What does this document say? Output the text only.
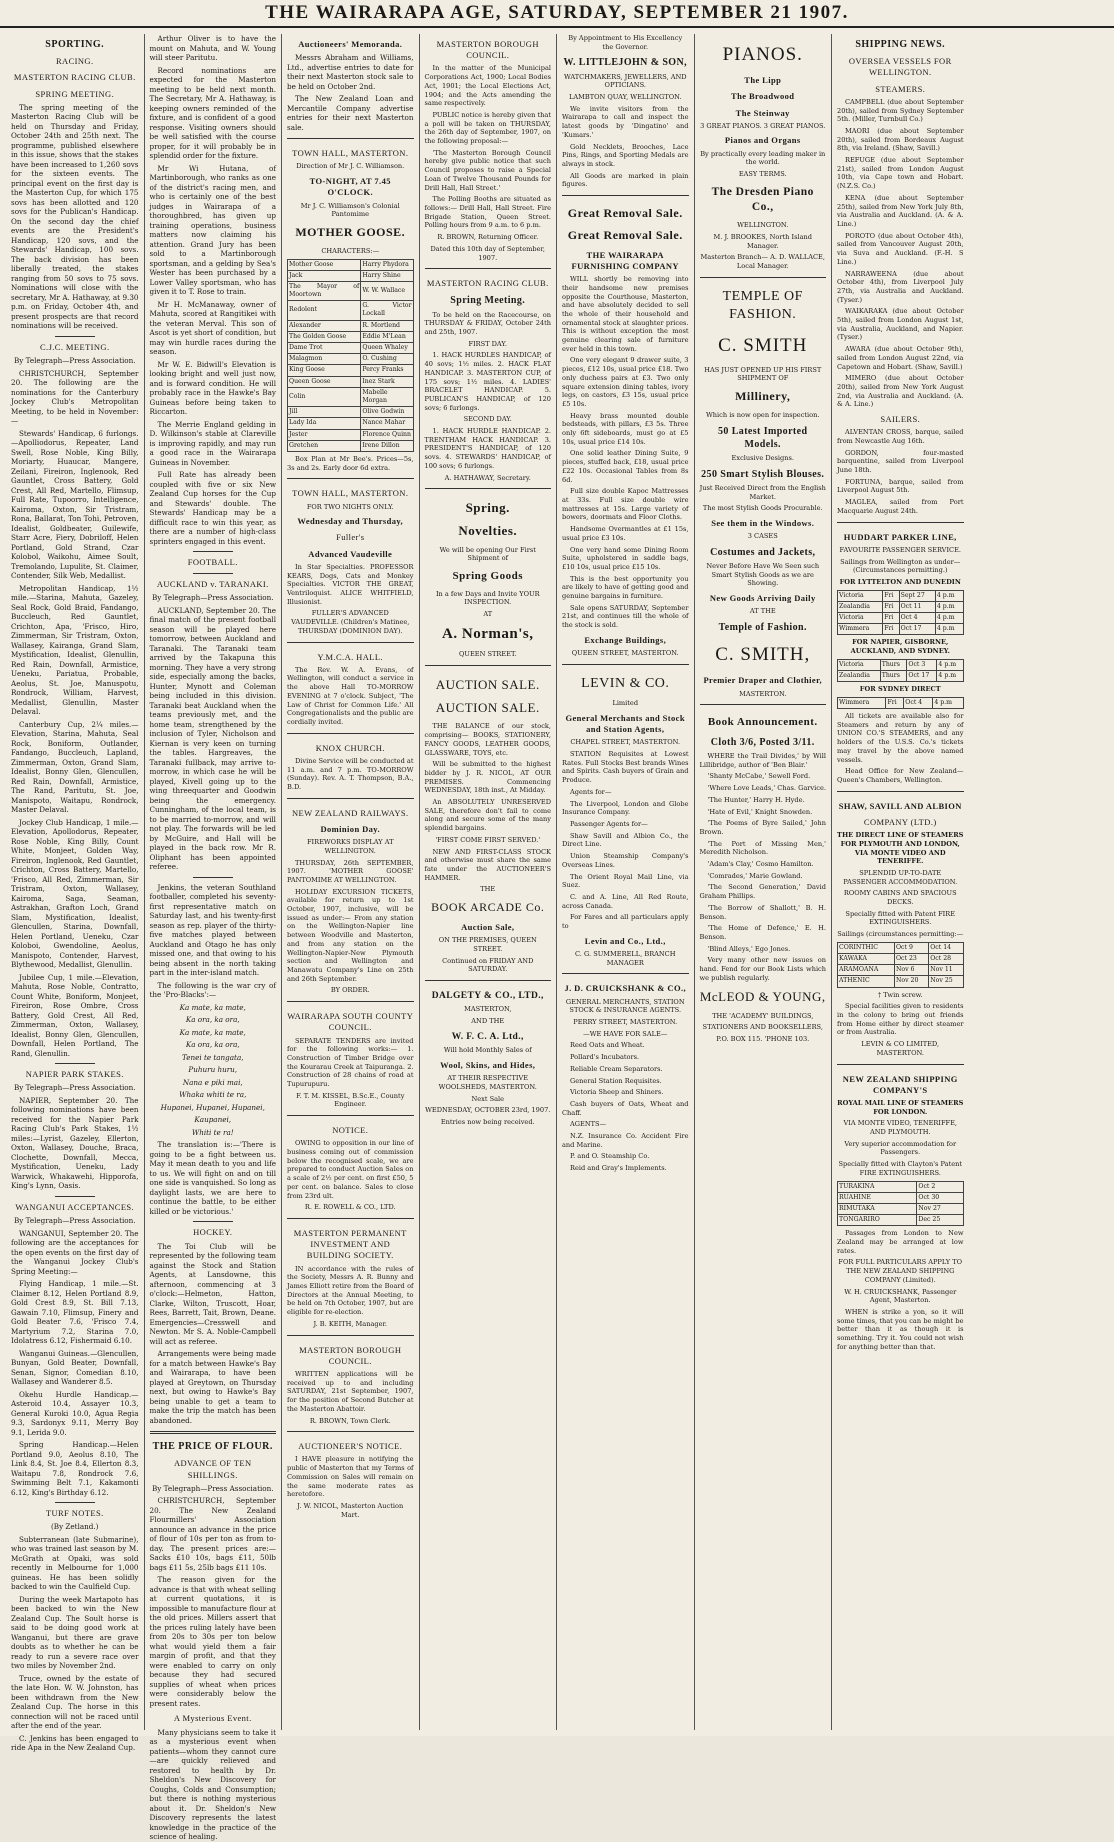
THE WAIRARAPA AGE, SATURDAY, SEPTEMBER 21 1907.
SPORTING.
RACING.
MASTERTON RACING CLUB.
SPRING MEETING.

The spring meeting of the Masterton Racing Club will be held on Thursday and Friday, October 24th and 25th next. The programme, published elsewhere in this issue, shows that the stakes have been increased to 1,260 sovs for the sixteen events. The principal event on the first day is the Masterton Cup, for which 175 sovs has been allotted and 120 sovs for the Publican's Handicap. On the second day the chief events are the President's Handicap, 120 sovs, and the Stewards' Handicap, 100 sovs. The back division has been liberally treated, the stakes ranging from 50 sovs to 75 sovs. Nominations will close with the secretary, Mr A. Hathaway, at 9.30 p.m. on Friday, October 4th, and present prospects are that record nominations will be received.

C.J.C. MEETING.

By Telegraph—Press Association.

CHRISTCHURCH, September 20. The following are the nominations for the Canterbury Jockey Club's Metropolitan Meeting, to be held in November:—

Stewards' Handicap, 6 furlongs.—Apolliodorus, Repeater, Land Swell, Rose Noble, King Billy, Moriarty, Huaucar, Mangere, Zeilani, Fireiron, Inglenook, Red Gauntlet, Cross Battery, Gold Crest, All Red, Martello, Flimsup, Full Rate, Tupoorro, Intelligence, Kairoma, Oxton, Sir Tristram, Rona, Ballarat, Ton Tohi, Petroven, Idealist, Goldbeater, Guilewife, Starr Acre, Fiery, Dobriloff, Helen Portland, Gold Strand, Czar Kolobol, Waikohu, Aimee Soult, Tremolando, Lupulite, St. Claimer, Contender, Silk Web, Medallist.

Metropolitan Handicap, 1½ mile.—Starina, Mahuta, Gazeley, Seal Rock, Gold Braid, Fandango, Buccleuch, Red Gauntlet, Crichton, Apa, 'Frisco, Hiro, Zimmerman, Sir Tristram, Oxton, Wallasey, Kairanga, Grand Slam, Mystification, Idealist, Glenullin, Red Rain, Downfall, Armistice, Ueneku, Pariatua, Probable, Aeolus, St. Joe, Manuspotu, Rondrock, William, Harvest, Medallist, Glenullin, Master Delaval.

Canterbury Cup, 2¼ miles.—Elevation, Starina, Mahuta, Seal Rock, Boniform, Outlander, Fandango, Buccleuch, Lapland, Zimmerman, Oxton, Grand Slam, Idealist, Bonny Glen, Glencullen, Red Rain, Downfall, Armistice, The Rand, Paritutu, St. Joe, Manispoto, Waitapu, Rondrock, Master Delaval.

Jockey Club Handicap, 1 mile.—Elevation, Apollodorus, Repeater, Rose Noble, King Billy, Count White, Monjeet, Golden Way, Fireiron, Inglenook, Red Gauntlet, Crichton, Cross Battery, Martello, 'Frisco, All Red, Zimmerman, Sir Tristram, Oxton, Wallasey, Kairoma, Saga, Seaman, Astrakhan, Grafton Loch, Grand Slam, Mystification, Idealist, Glencullen, Starina, Downfall, Helen Portland, Ueneku, Czar Koloboi, Gwendoline, Aeolus, Manispoto, Contender, Harvest, Blythewood, Medallist, Glenullin.

Jubilee Cup, 1 mile.—Elevation, Mahuta, Rose Noble, Contratto, Count White, Boniform, Monjeet, Fireiron, Rose Ombre, Cross Battery, Gold Crest, All Red, Zimmerman, Oxton, Wallasey, Idealist, Bonny Glen, Glencullen, Downfall, Helen Portland, The Rand, Glenullin.

NAPIER PARK STAKES.

By Telegraph—Press Association.

NAPIER, September 20. The following nominations have been received for the Napier Park Racing Club's Park Stakes, 1½ miles:—Lyrist, Gazeley, Ellerton, Oxton, Wallasey, Douche, Braca, Clochette, Downfall, Mecca, Mystification, Ueneku, Lady Warwick, Whakawehi, Hipporofa, King's Lynn, Oasis.

WANGANUI ACCEPTANCES.

By Telegraph—Press Association.

WANGANUI, September 20. The following are the acceptances for the open events on the first day of the Wanganui Jockey Club's Spring Meeting:—

Flying Handicap, 1 mile.—St. Claimer 8.12, Helen Portland 8.9, Gold Crest 8.9, St. Bill 7.13, Gawain 7.10, Flimsup, Finery and Gold Beater 7.6, 'Frisco 7.4, Martyrium 7.2, Starina 7.0, Idolatress 6.12, Fishermaid 6.10.

Wanganui Guineas.—Glencullen, Bunyan, Gold Beater, Downfall, Senan, Signor, Comedian 8.10, Wallasey and Wanderer 8.5.

Okehu Hurdle Handicap.—Asteroid 10.4, Assayer 10.3, General Kuroki 10.0, Agua Regia 9.3, Sardonyx 9.11, Merry Boy 9.1, Lerida 9.0.

Spring Handicap.—Helen Portland 9.0, Aeolus 8.10, The Link 8.4, St. Joe 8.4, Ellerton 8.3, Waitapu 7.8, Rondrock 7.6, Swimming Belt 7.1, Kakamonti 6.12, King's Birthday 6.12.

TURF NOTES.

(By Zetland.)

Subterranean (late Submarine), who was trained last season by M. McGrath at Opaki, was sold recently in Melbourne for 1,000 guineas. He has been solidly backed to win the Caulfield Cup.

During the week Martapoto has been backed to win the New Zealand Cup. The Soult horse is said to be doing good work at Wanganui, but there are grave doubts as to whether he can be ready to run a severe race over two miles by November 2nd.

Truce, owned by the estate of the late Hon. W. W. Johnston, has been withdrawn from the New Zealand Cup. The horse in this connection will not be raced until after the end of the year.

C. Jenkins has been engaged to ride Apa in the New Zealand Cup.

Arthur Oliver is to have the mount on Mahuta, and W. Young will steer Paritutu.

Record nominations are expected for the Masterton meeting to be held next month. The Secretary, Mr A. Hathaway, is keeping owners reminded of the fixture, and is confident of a good response. Visiting owners should be well satisfied with the course proper, for it will probably be in splendid order for the fixture.

Mr Wi Hutana, of Martinborough, who ranks as one of the district's racing men, and who is certainly one of the best judges in Wairarapa of a thoroughbred, has given up training operations, business matters now claiming his attention. Grand Jury has been sold to a Martinborough sportsman, and a gelding by Sea's Wester has been purchased by a Lower Valley sportsman, who has given it to T. Rose to train.

Mr H. McManaway, owner of Mahuta, scored at Rangitikei with the veteran Merval. This son of Ascot is yet short of condition, but may win hurdle races during the season.

Mr W. E. Bidwill's Elevation is looking bright and well just now, and is forward condition. He will probably race in the Hawke's Bay Guineas before being taken to Riccarton.

The Merrie England gelding in D. Wilkinson's stable at Clareville is improving rapidly, and may run a good race in the Wairarapa Guineas in November.

Full Rate has already been coupled with five or six New Zealand Cup horses for the Cup and Stewards' double. The Stewards' Handicap may be a difficult race to win this year, as there are a number of high-class sprinters engaged in this event.

FOOTBALL.
AUCKLAND v. TARANAKI.

By Telegraph—Press Association.

AUCKLAND, September 20. The final match of the present football season will be played here tomorrow, between Auckland and Taranaki. The Taranaki team arrived by the Takapuna this morning. They have a very strong side, especially among the backs, Hunter, Mynott and Coleman being included in this division. Taranaki beat Auckland when the teams previously met, and the home team, strengthened by the inclusion of Tyler, Nicholson and Kiernan is very keen on turning the tables. Hargreaves, the Taranaki fullback, may arrive to-morrow, in which case he will be played, Kivell going up to the wing threequarter and Goodwin being the emergency. Cunningham, of the local team, is to be married to-morrow, and will not play. The forwards will be led by McGuire, and Hall will be played in the back row. Mr R. Oliphant has been appointed referee.

Jenkins, the veteran Southland footballer, completed his seventy-first representative match on Saturday last, and his twenty-first season as rep. player of the thirty-five matches played between Auckland and Otago he has only missed one, and that owing to his being absent in the north taking part in the inter-island match.

The following is the war cry of the 'Pro-Blacks':—

Ka mate, ka mate,

Ka ora, ka ora,

Ka mate, ka mate,

Ka ora, ka ora,

Tenei te tangata,

Puhuru huru,

Nana e piki mai,

Whaka whiti te ra,

Hupanei, Hupanei, Hupanei,

Kaupanei,

Whiti te ra!

The translation is:—'There is going to be a fight between us. May it mean death to you and life to us. We will fight on and on till one side is vanquished. So long as daylight lasts, we are here to continue the battle, to be either killed or be victorious.'

HOCKEY.

The Toi Club will be represented by the following team against the Stock and Station Agents, at Lansdowne, this afternoon, commencing at 3 o'clock:—Helmeton, Hatton, Clarke, Wilton, Truscott, Hoar, Rees, Barrett, Tait, Brown, Deane. Emergencies—Cresswell and Newton. Mr S. A. Noble-Campbell will act as referee.

Arrangements were being made for a match between Hawke's Bay and Wairarapa, to have been played at Greytown, on Thursday next, but owing to Hawke's Bay being unable to get a team to make the trip the match has been abandoned.

THE PRICE OF FLOUR.
ADVANCE OF TEN SHILLINGS.

By Telegraph—Press Association.

CHRISTCHURCH, September 20. The New Zealand Flourmillers' Association announce an advance in the price of flour of 10s per ton as from to-day. The present prices are:—Sacks £10 10s, bags £11, 50lb bags £11 5s, 25lb bags £11 10s.

The reason given for the advance is that with wheat selling at current quotations, it is impossible to manufacture flour at the old prices. Millers assert that the prices ruling lately have been from 20s to 30s per ton below what would yield them a fair margin of profit, and that they were enabled to carry on only because they had secured supplies of wheat when prices were considerably below the present rates.

A Mysterious Event.

Many physicians seem to take it as a mysterious event when patients—whom they cannot cure—are quickly relieved and restored to health by Dr. Sheldon's New Discovery for Coughs, Colds and Consumption; but there is nothing mysterious about it. Dr. Sheldon's New Discovery represents the latest knowledge in the practice of the science of healing.

Auctioneers' Memoranda.

Messrs Abraham and Williams, Ltd., advertise entries to date for their next Masterton stock sale to be held on October 2nd.

The New Zealand Loan and Mercantile Company advertise entries for their next Masterton sale.

TOWN HALL, MASTERTON.

Direction of Mr J. C. Williamson.

TO-NIGHT, AT 7.45 O'CLOCK.

Mr J. C. Williamson's Colonial Pantomime

MOTHER GOOSE.

CHARACTERS:—

Mother Goose	Harry Phydora
Jack	Harry Shine
The Mayor of Moortown	W. W. Wallace
Redolent	G. Victor Lockall
Alexander	R. Mortlend
The Golden Goose	Eddie M'Lean
Dame Trot	Queen Whaley
Malagmon	O. Cushing
King Goose	Percy Franks
Queen Goose	Inez Stark
Colin	Mabelle Morgan
Jill	Olive Godwin
Lady Ida	Nance Mahar
Jester	Florence Quinn
Gretchen	Irene Dillon

Box Plan at Mr Bee's. Prices—5s, 3s and 2s. Early door 6d extra.

TOWN HALL, MASTERTON.

FOR TWO NIGHTS ONLY.

Wednesday and Thursday,
Fuller's
Advanced Vaudeville

In Star Specialties. PROFESSOR KEARS, Dogs, Cats and Monkey Specialties. VICTOR THE GREAT, Ventriloquist. ALICE WHITFIELD, Illusionist.

FULLER'S ADVANCED VAUDEVILLE. (Children's Matinee, THURSDAY (DOMINION DAY).

Y.M.C.A. HALL.

The Rev. W. A. Evans, of Wellington, will conduct a service in the above Hall TO-MORROW EVENING at 7 o'clock. Subject, 'The Law of Christ for Common Life.' All Congregationalists and the public are cordially invited.

KNOX CHURCH.

Divine Service will be conducted at 11 a.m. and 7 p.m. TO-MORROW (Sunday). Rev. A. T. Thompson, B.A., B.D.

NEW ZEALAND RAILWAYS.
Dominion Day.

FIREWORKS DISPLAY AT WELLINGTON.

THURSDAY, 26th SEPTEMBER, 1907. 'MOTHER GOOSE' PANTOMIME AT WELLINGTON.

HOLIDAY EXCURSION TICKETS, available for return up to 1st October, 1907, inclusive, will be issued as under:— From any station on the Wellington-Napier line between Woodville and Masterton, and from any station on the Wellington-Napier-New Plymouth section and Wellington and Manawatu Company's Line on 25th and 26th September.

BY ORDER.

WAIRARAPA SOUTH COUNTY COUNCIL.

SEPARATE TENDERS are invited for the following works:— 1. Construction of Timber Bridge over the Kourarau Creek at Taipuranga. 2. Construction of 28 chains of road at Tupurupuru.

F. T. M. KISSEL, B.Sc.E., County Engineer.

NOTICE.

OWING to opposition in our line of business coming out of commission below the recognised scale, we are prepared to conduct Auction Sales on a scale of 2½ per cent. on first £50, 5 per cent. on balance. Sales to close from 23rd ult.

R. E. ROWELL & CO., LTD.

MASTERTON PERMANENT INVESTMENT AND BUILDING SOCIETY.

IN accordance with the rules of the Society, Messrs A. R. Bunny and James Elliott retire from the Board of Directors at the Annual Meeting, to be held on 7th October, 1907, but are eligible for re-election.

J. B. KEITH, Manager.

MASTERTON BOROUGH COUNCIL.

WRITTEN applications will be received up to and including SATURDAY, 21st September, 1907, for the position of Second Butcher at the Masterton Abattoir.

R. BROWN, Town Clerk.

AUCTIONEER'S NOTICE.

I HAVE pleasure in notifying the public of Masterton that my Terms of Commission on Sales will remain on the same moderate rates as heretofore.

J. W. NICOL, Masterton Auction Mart.

MASTERTON BOROUGH COUNCIL.

In the matter of the Municipal Corporations Act, 1900; Local Bodies Act, 1901; the Local Elections Act, 1904; and the Acts amending the same respectively.

PUBLIC notice is hereby given that a poll will be taken on THURSDAY, the 26th day of September, 1907, on the following proposal:—

'The Masterton Borough Council hereby give public notice that such Council proposes to raise a Special Loan of Twelve Thousand Pounds for Drill Hall, Hall Street.'

The Polling Booths are situated as follows:— Drill Hall, Hall Street. Fire Brigade Station, Queen Street. Polling hours from 9 a.m. to 6 p.m.

R. BROWN, Returning Officer.

Dated this 10th day of September, 1907.

MASTERTON RACING CLUB.
Spring Meeting.

To be held on the Racecourse, on THURSDAY & FRIDAY, October 24th and 25th, 1907.

FIRST DAY.

1. HACK HURDLES HANDICAP, of 40 sovs; 1½ miles. 2. HACK FLAT HANDICAP. 3. MASTERTON CUP, of 175 sovs; 1½ miles. 4. LADIES' BRACELET HANDICAP. 5. PUBLICAN'S HANDICAP, of 120 sovs; 6 furlongs.

SECOND DAY.

1. HACK HURDLE HANDICAP. 2. TRENTHAM HACK HANDICAP. 3. PRESIDENT'S HANDICAP, of 120 sovs. 4. STEWARDS' HANDICAP, of 100 sovs; 6 furlongs.

A. HATHAWAY, Secretary.

Spring.
Novelties.

We will be opening Our First Shipment of

Spring Goods

In a few Days and Invite YOUR INSPECTION.

AT

A. Norman's,

QUEEN STREET.

AUCTION SALE.
AUCTION SALE.

THE BALANCE of our stock, comprising— BOOKS, STATIONERY, FANCY GOODS, LEATHER GOODS, GLASSWARE, TOYS, etc.

Will be submitted to the highest bidder by J. R. NICOL, AT OUR PREMISES. Commencing WEDNESDAY, 18th inst., At Midday.

An ABSOLUTELY UNRESERVED SALE, therefore don't fail to come along and secure some of the many splendid bargains.

'FIRST COME FIRST SERVED.'

NEW AND FIRST-CLASS STOCK and otherwise must share the same fate under the AUCTIONEER'S HAMMER.

THE

BOOK ARCADE Co.
Auction Sale,

ON THE PREMISES, QUEEN STREET.

Continued on FRIDAY AND SATURDAY.

DALGETY & CO., LTD.,

MASTERTON,

AND THE

W. F. C. A. Ltd.,

Will hold Monthly Sales of

Wool, Skins, and Hides,

AT THEIR RESPECTIVE WOOLSHEDS, MASTERTON.

Next Sale

WEDNESDAY, OCTOBER 23rd, 1907.

Entries now being received.

By Appointment to His Excellency the Governor.

W. LITTLEJOHN & SON,

WATCHMAKERS, JEWELLERS, AND OPTICIANS.

LAMBTON QUAY, WELLINGTON.

We invite visitors from the Wairarapa to call and inspect the latest goods by 'Dingatino' and 'Kumars.'

Gold Necklets, Brooches, Lace Pins, Rings, and Sporting Medals are always in stock.

All Goods are marked in plain figures.

Great Removal Sale.
Great Removal Sale.
THE WAIRARAPA FURNISHING COMPANY

WILL shortly be removing into their handsome new premises opposite the Courthouse, Masterton, and have absolutely decided to sell the whole of their household and ornamental stock at slaughter prices. This is without exception the most genuine clearing sale of furniture ever held in this town.

One very elegant 9 drawer suite, 3 pieces, £12 10s, usual price £18. Two only duchess pairs at £3. Two only square extension dining tables, ivory legs, on castors, £3 15s, usual price £5 10s.

Heavy brass mounted double bedsteads, with pillars, £3 5s. Three only 6ft sideboards, must go at £5 10s, usual price £14 10s.

One solid leather Dining Suite, 9 pieces, stuffed back, £18, usual price £22 10s. Occasional Tables from 8s 6d.

Full size double Kapoc Mattresses at 33s. Full size double wire mattresses at 15s. Large variety of bowers, doormats and Floor Cloths.

Handsome Overmantles at £1 15s, usual price £3 10s.

One very hand some Dining Room Suite, upholstered in saddle bags, £10 10s, usual price £15 10s.

This is the best opportunity you are likely to have of getting good and genuine bargains in furniture.

Sale opens SATURDAY, September 21st, and continues till the whole of the stock is sold.

Exchange Buildings,

QUEEN STREET, MASTERTON.

LEVIN & CO.

Limited

General Merchants and Stock and Station Agents,

CHAPEL STREET, MASTERTON.

STATION Requisites at Lowest Rates. Full Stocks Best brands Wines and Spirits. Cash buyers of Grain and Produce.

Agents for—

The Liverpool, London and Globe Insurance Company.

Passenger Agents for—

Shaw Savill and Albion Co., the Direct Line.

Union Steamship Company's Overseas Lines.

The Orient Royal Mail Line, via Suez.

C. and A. Line, All Red Route, across Canada.

For Fares and all particulars apply to

Levin and Co., Ltd.,

C. G. SUMMERELL, BRANCH MANAGER

J. D. CRUICKSHANK & CO.,

GENERAL MERCHANTS, STATION STOCK & INSURANCE AGENTS.

PERRY STREET, MASTERTON.

—WE HAVE FOR SALE—

Reed Oats and Wheat.

Pollard's Incubators.

Reliable Cream Separators.

General Station Requisites.

Victoria Sheep and Shiners.

Cash buyers of Oats, Wheat and Chaff.

AGENTS—

N.Z. Insurance Co. Accident Fire and Marine.

P. and O. Steamship Co.

Reid and Gray's Implements.

PIANOS.
The Lipp
The Broadwood
The Steinway

3 GREAT PIANOS. 3 GREAT PIANOS.

Pianos and Organs

By practically every leading maker in the world.

EASY TERMS.

The Dresden Piano Co.,

WELLINGTON.

M. J. BROOKES, North Island Manager.

Masterton Branch— A. D. WALLACE, Local Manager.

TEMPLE OF FASHION.
C. SMITH

HAS JUST OPENED UP HIS FIRST SHIPMENT OF

Millinery,

Which is now open for inspection.

50 Latest Imported Models.

Exclusive Designs.

250 Smart Stylish Blouses.

Just Received Direct from the English Market.

The most Stylish Goods Procurable.

See them in the Windows.

3 CASES

Costumes and Jackets,

Never Before Have We Seen such Smart Stylish Goods as we are Showing.

New Goods Arriving Daily

AT THE

Temple of Fashion.
C. SMITH,
Premier Draper and Clothier,

MASTERTON.

Book Announcement.
Cloth 3/6, Posted 3/11.

WHERE the Trail Divides,' by Will Lillibridge, author of 'Ben Blair.'

'Shanty McCabe,' Sewell Ford.

'Where Love Leads,' Chas. Garvice.

'The Hunter,' Harry H. Hyde.

'Hate of Evil,' Knight Snowden.

'The Poems of Byre Sailed,' John Brown.

'The Port of Missing Men,' Meredith Nicholson.

'Adam's Clay,' Cosmo Hamilton.

'Comrades,' Marie Gowland.

'The Second Generation,' David Graham Phillips.

'The Borrow of Shallott,' B. H. Benson.

'The Home of Defence,' E. H. Benson.

'Blind Alleys,' Ego Jones.

Very many other new issues on hand. Fend for our Book Lists which we publish regularly.

McLEOD & YOUNG,

THE 'ACADEMY' BUILDINGS,

STATIONERS AND BOOKSELLERS,

P.O. BOX 115. 'PHONE 103.

SHIPPING NEWS.
OVERSEA VESSELS FOR WELLINGTON.
STEAMERS.

CAMPBELL (due about September 20th), sailed from Sydney September 5th. (Miller, Turnbull Co.)

MAORI (due about September 20th), sailed from Bordeaux August 8th, via Ireland. (Shaw, Savill.)

REFUGE (due about September 21st), sailed from London August 10th, via Cape town and Hobart. (N.Z.S. Co.)

KENA (due about September 25th), sailed from New York July 8th, via Australia and Auckland. (A. & A. Line.)

POROTO (due about October 4th), sailed from Vancouver August 20th, via Suva and Auckland. (F.-H. S Line.)

NARRAWEENA (due about October 4th), from Liverpool July 27th, via Australia and Auckland. (Tyser.)

WAIKARAKA (due about October 5th), sailed from London August 1st, via Australia, Auckland, and Napier. (Tyser.)

AWARA (due about October 9th), sailed from London August 22nd, via Capetown and Hobart. (Shaw, Savill.)

MIMERO (due about October 20th), sailed from New York August 2nd, via Australia and Auckland. (A. & A. Line.)

SAILERS.

ALVENTAN CROSS, barque, sailed from Newcastle Aug 16th.

GORDON, four-masted barquentine, sailed from Liverpool June 18th.

FORTUNA, barque, sailed from Liverpool August 5th.

MAGLEA, sailed from Port Macquarie August 24th.

HUDDART PARKER LINE,

FAVOURITE PASSENGER SERVICE.

Sailings from Wellington as under— (Circumstances permitting.)

FOR LYTTELTON AND DUNEDIN

Victoria	Fri	Sept 27	4 p.m
Zealandia	Fri	Oct 11	4 p.m
Victoria	Fri	Oct 4	4 p.m
Wimmera	Fri	Oct 17	4 p.m

FOR NAPIER, GISBORNE, AUCKLAND, AND SYDNEY.

Victoria	Thurs	Oct 3	4 p.m
Zealandia	Thurs	Oct 17	4 p.m

FOR SYDNEY DIRECT

Wimmera	Fri	Oct 4	4 p.m

All tickets are available also for Steamers and return by any of UNION CO.'S STEAMERS, and any holders of the U.S.S. Co.'s tickets may travel by the above named vessels.

Head Office for New Zealand—Queen's Chambers, Wellington.

SHAW, SAVILL AND ALBION
COMPANY (LTD.)

THE DIRECT LINE OF STEAMERS FOR PLYMOUTH AND LONDON, VIA MONTE VIDEO AND TENERIFFE.

SPLENDID UP-TO-DATE PASSENGER ACCOMMODATION.

ROOMY CABINS AND SPACIOUS DECKS.

Specially fitted with Patent FIRE EXTINGUISHERS.

Sailings (circumstances permitting:—

CORINTHIC	Oct 9	Oct 14
KAWAKA	Oct 23	Oct 28
ARAMOANA	Nov 6	Nov 11
ATHENIC	Nov 20	Nov 25

† Twin screw.

Special facilities given to residents in the colony to bring out friends from Home either by direct steamer or from Australia.

LEVIN & CO LIMITED, MASTERTON.

NEW ZEALAND SHIPPING COMPANY'S

ROYAL MAIL LINE OF STEAMERS FOR LONDON.

VIA MONTE VIDEO, TENERIFFE, AND PLYMOUTH.

Very superior accommodation for Passengers.

Specially fitted with Clayton's Patent FIRE EXTINGUISHERS.

TURAKINA	Oct 2
RUAHINE	Oct 30
RIMUTAKA	Nov 27
TONGARIRO	Dec 25

Passages from London to New Zealand may be arranged at low rates.

FOR FULL PARTICULARS APPLY TO THE NEW ZEALAND SHIPPING COMPANY (Limited).

W. H. CRUICKSHANK, Passenger Agent, Masterton.

WHEN is strike a yon, so it will some times, that you can be might be better than it as though it is something. Try it. You could not wish for anything better than that.
